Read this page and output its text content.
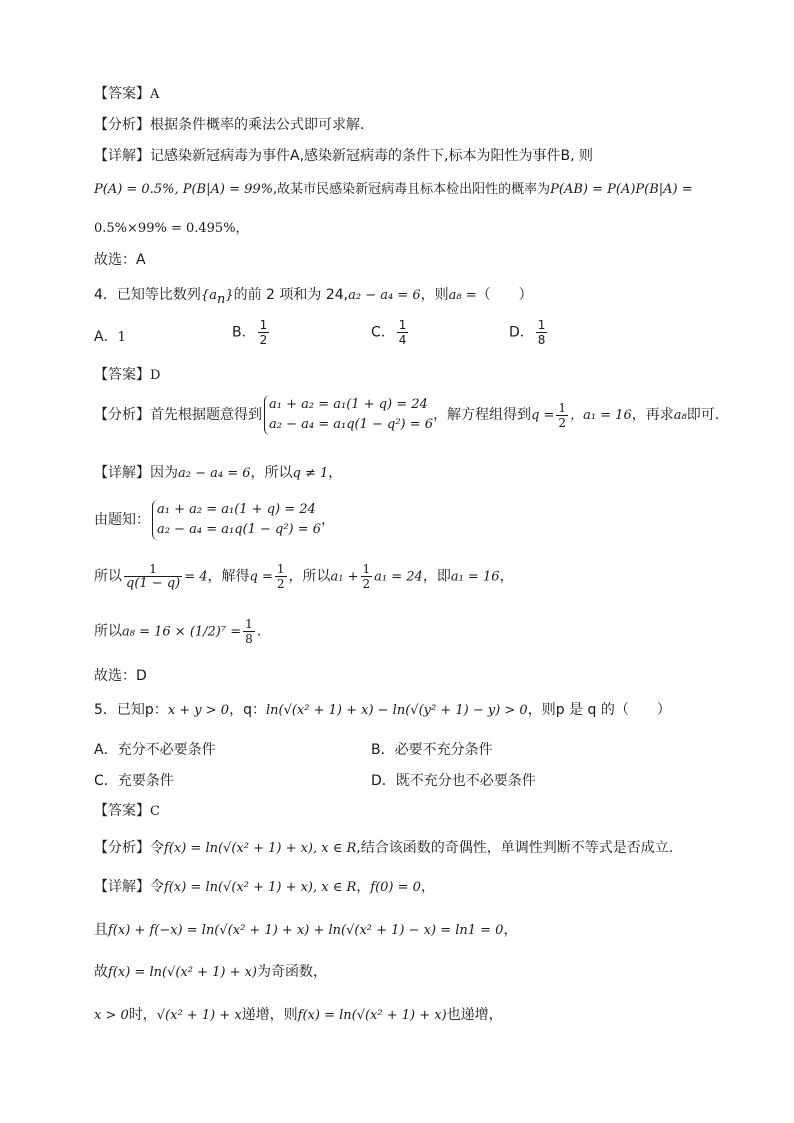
【答案】A
【分析】根据条件概率的乘法公式即可求解.
【详解】记感染新冠病毒为事件A,感染新冠病毒的条件下,标本为阳性为事件B, 则
P(A) = 0.5%, P(B|A) = 99%,故某市民感染新冠病毒且标本检出阳性的概率为P(AB) = P(A)P(B|A) =
0.5%×99% = 0.495%，
故选：A
4．已知等比数列$\{a_n\}$的前 2 项和为 24,a₂ − a₄ = 6，则a₈ =（　　）
A．1	B． $\frac{1}{2}$	C． $\frac{1}{4}$	D． $\frac{1}{8}$
【答案】D
【分析】首先根据题意得到
a₁ + a₂ = a₁(1 + q) = 24
a₂ − a₄ = a₁q(1 − q²) = 6
，解方程组得到$q = \frac{1}{2}$ ，a₁ = 16，再求a₈即可.
【详解】因为a₂ − a₄ = 6，所以q ≠ 1，
由题知：
a₁ + a₂ = a₁(1 + q) = 24
a₂ − a₄ = a₁q(1 − q²) = 6
，
所以 $\frac{1}{q(1 - q)} = 4$，解得$q = \frac{1}{2}$ ，所以$a_1 + \frac{1}{2} a_1 = 24$，即a₁ = 16，
所以$a_8 = 16 \times (1/2)^7 = \frac{1}{8}$ .
故选：D
5．已知p：x + y > 0，q：ln(√(x² + 1) + x) − ln(√(y² + 1) − y) > 0，则p 是 q 的（　　）
A．充分不必要条件	B．必要不充分条件
C．充要条件	D．既不充分也不必要条件
【答案】C
【分析】令f(x) = ln(√(x² + 1) + x), x ∈ R,结合该函数的奇偶性，单调性判断不等式是否成立.
【详解】令f(x) = ln(√(x² + 1) + x), x ∈ R，f(0) = 0，
且f(x) + f(−x) = ln(√(x² + 1) + x) + ln(√(x² + 1) − x) = ln1 = 0，
故f(x) = ln(√(x² + 1) + x)为奇函数，
x > 0时，√(x² + 1) + x递增，则f(x) = ln(√(x² + 1) + x)也递增，
